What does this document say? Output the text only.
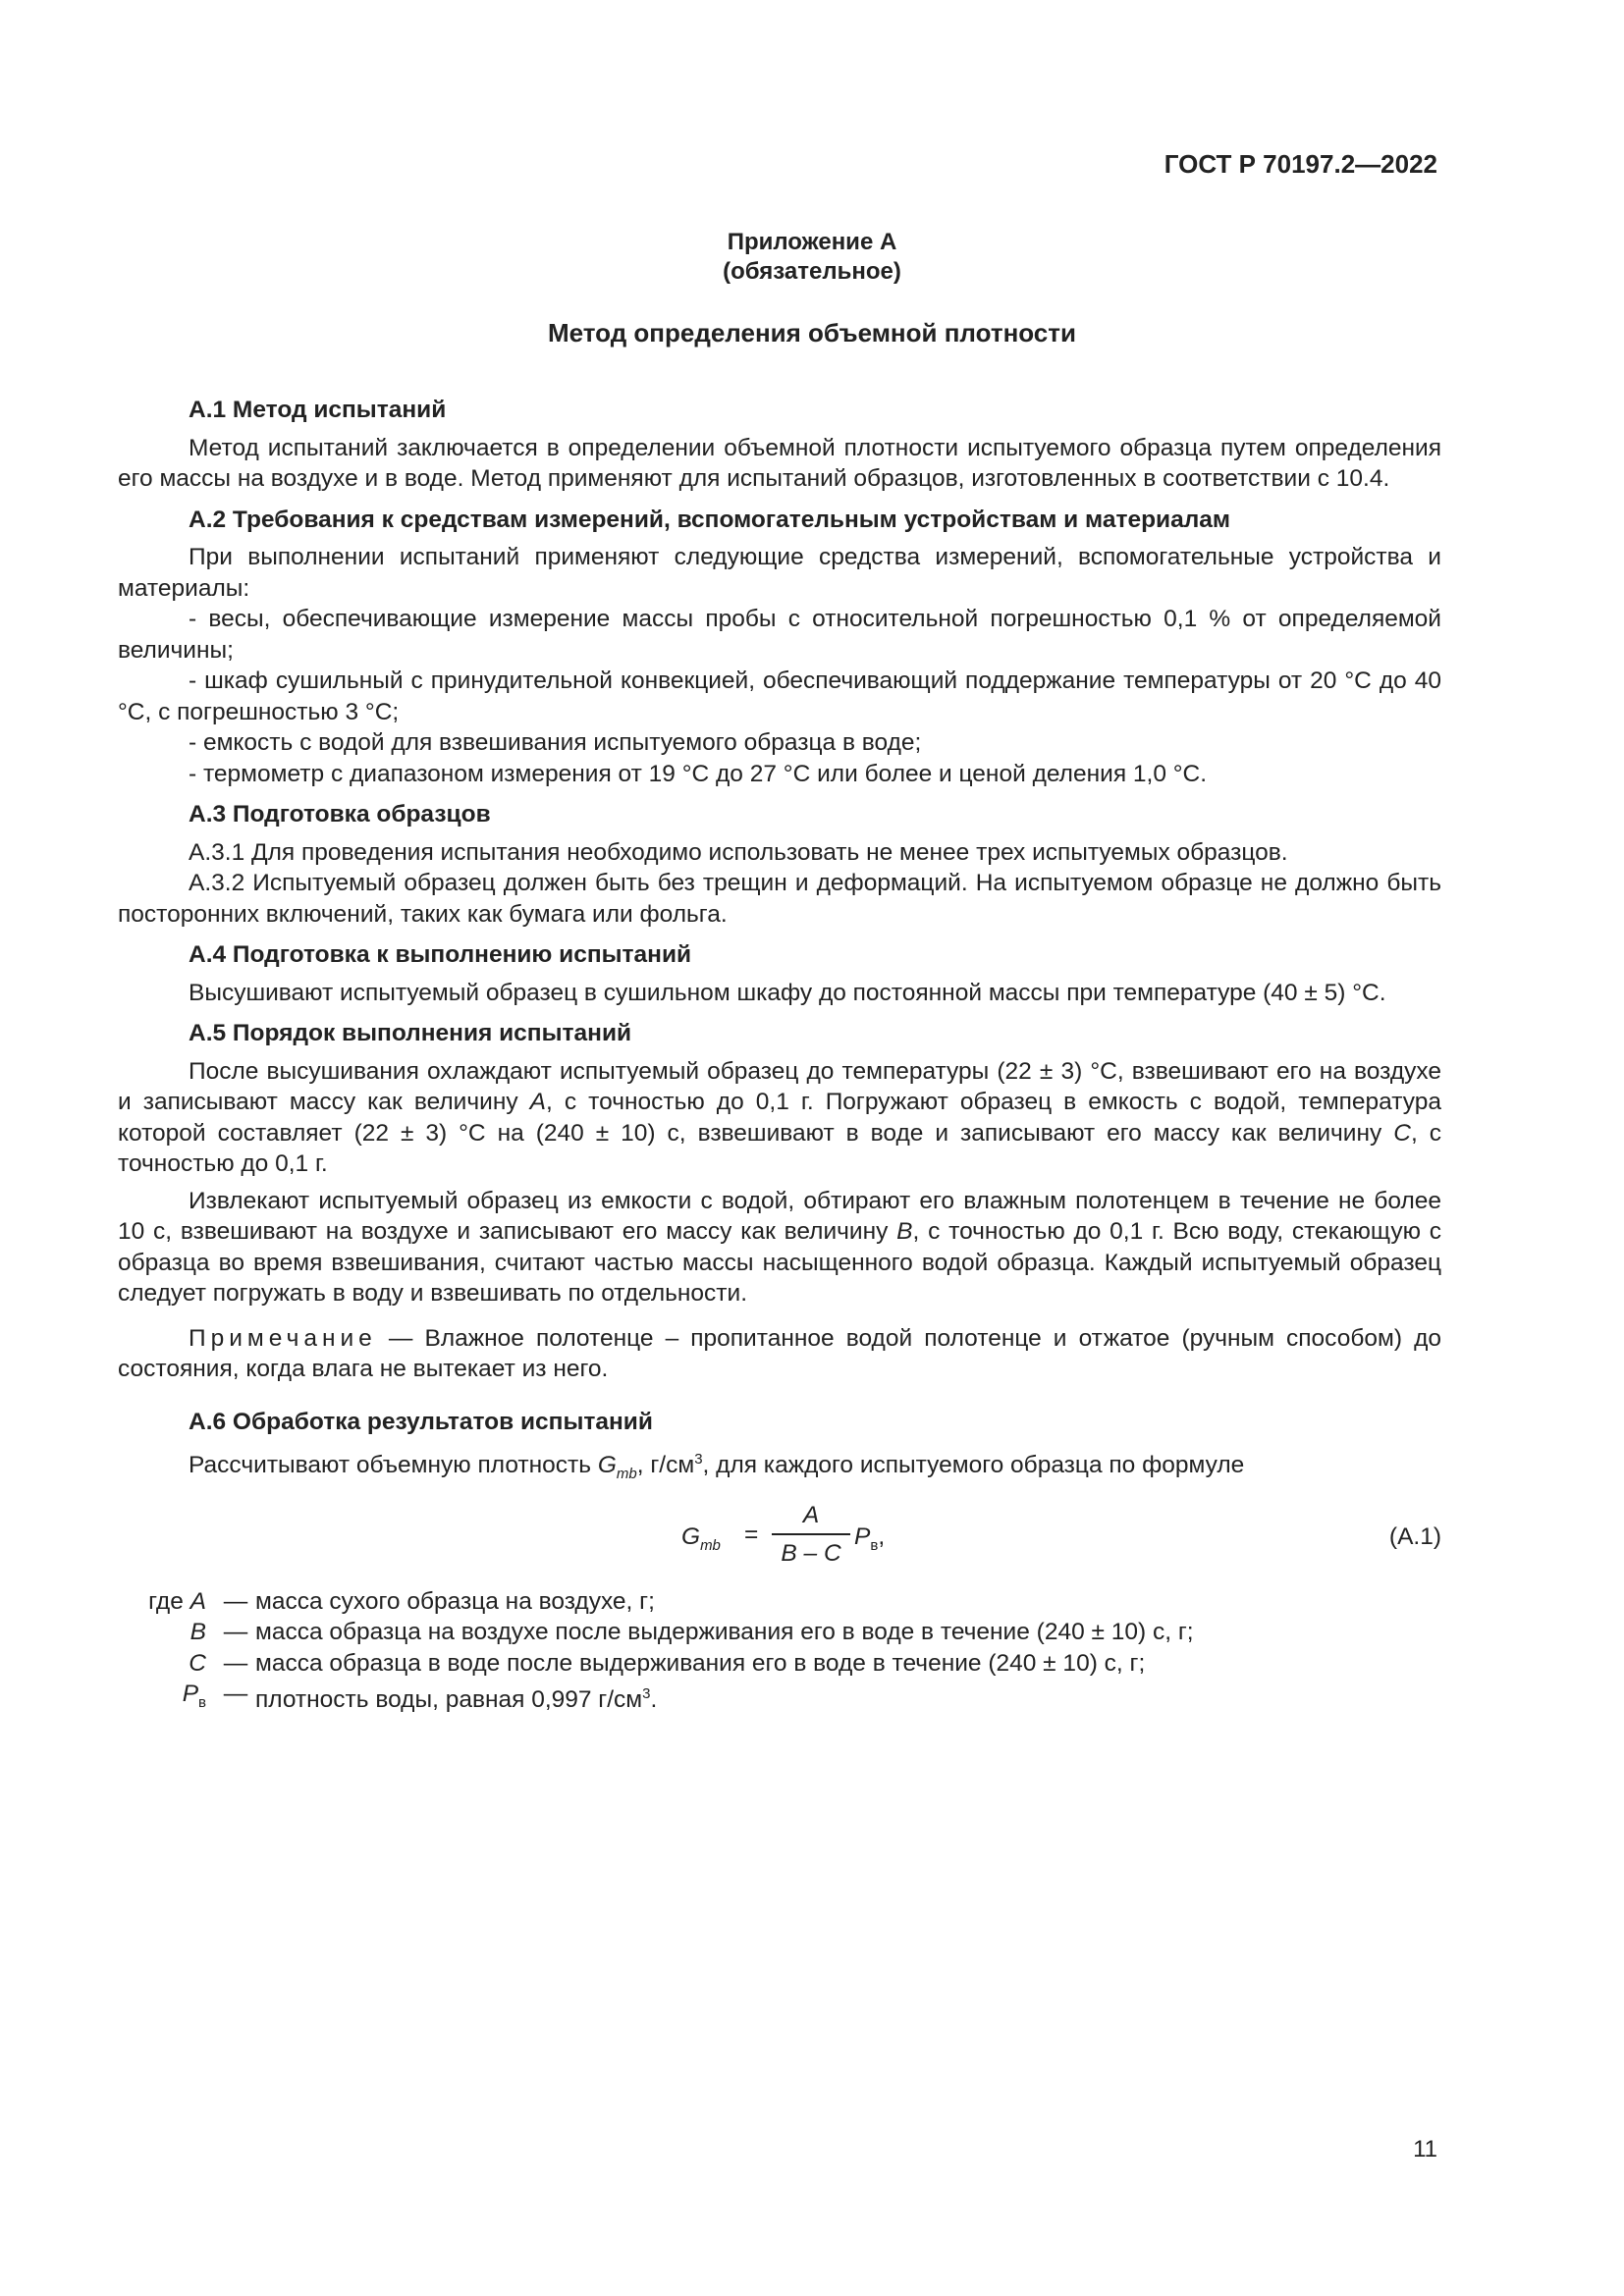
ГОСТ Р 70197.2—2022
Приложение А
(обязательное)
Метод определения объемной плотности

А.1 Метод испытаний

Метод испытаний заключается в определении объемной плотности испытуемого образца путем определения его массы на воздухе и в воде. Метод применяют для испытаний образцов, изготовленных в соответствии с 10.4.

А.2 Требования к средствам измерений, вспомогательным устройствам и материалам

При выполнении испытаний применяют следующие средства измерений, вспомогательные устройства и материалы:

- весы, обеспечивающие измерение массы пробы с относительной погрешностью 0,1 % от определяемой величины;

- шкаф сушильный с принудительной конвекцией, обеспечивающий поддержание температуры от 20 °С до 40 °С, с погрешностью 3 °С;

- емкость с водой для взвешивания испытуемого образца в воде;

- термометр с диапазоном измерения от 19 °С до 27 °С или более и ценой деления 1,0 °С.

А.3 Подготовка образцов

А.3.1 Для проведения испытания необходимо использовать не менее трех испытуемых образцов.

А.3.2 Испытуемый образец должен быть без трещин и деформаций. На испытуемом образце не должно быть посторонних включений, таких как бумага или фольга.

А.4 Подготовка к выполнению испытаний

Высушивают испытуемый образец в сушильном шкафу до постоянной массы при температуре (40 ± 5) °С.

А.5 Порядок выполнения испытаний

После высушивания охлаждают испытуемый образец до температуры (22 ± 3) °С, взвешивают его на воздухе и записывают массу как величину А, с точностью до 0,1 г. Погружают образец в емкость с водой, температура которой составляет (22 ± 3) °С на (240 ± 10) с, взвешивают в воде и записывают его массу как величину С, с точностью до 0,1 г.

Извлекают испытуемый образец из емкости с водой, обтирают его влажным полотенцем в течение не более 10 с, взвешивают на воздухе и записывают его массу как величину В, с точностью до 0,1 г. Всю воду, стекающую с образца во время взвешивания, считают частью массы насыщенного водой образца. Каждый испытуемый образец следует погружать в воду и взвешивать по отдельности.

Примечание — Влажное полотенце – пропитанное водой полотенце и отжатое (ручным способом) до состояния, когда влага не вытекает из него.

А.6 Обработка результатов испытаний

Рассчитывают объемную плотность $G_{mb}$, $г/см^3$, для каждого испытуемого образца по формуле

$G_{mb}$ =
A
B – C
$P_в$,	(А.1)
где A — масса сухого образца на воздухе, г;
B — масса образца на воздухе после выдерживания его в воде в течение (240 ± 10) с, г;
C — масса образца в воде после выдерживания его в воде в течение (240 ± 10) с, г;
$P_в$ — плотность воды, равная 0,997 $г/см^3$.
11
